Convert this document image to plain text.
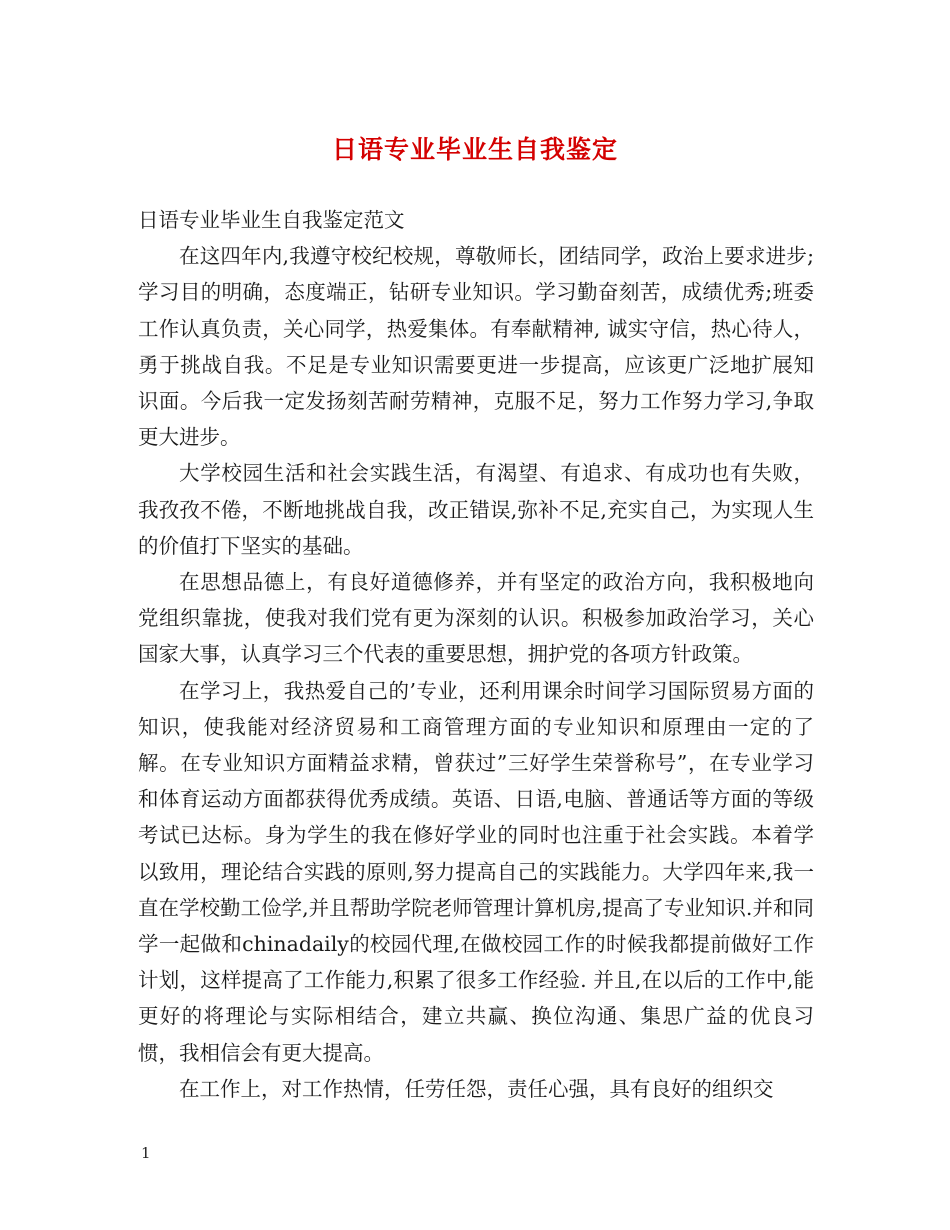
日语专业毕业生自我鉴定

日语专业毕业生自我鉴定范文

在这四年内,我遵守校纪校规，尊敬师长，团结同学，政治上要求进步;学习目的明确，态度端正，钻研专业知识。学习勤奋刻苦，成绩优秀;班委工作认真负责，关心同学，热爱集体。有奉献精神, 诚实守信，热心待人，勇于挑战自我。不足是专业知识需要更进一步提高，应该更广泛地扩展知识面。今后我一定发扬刻苦耐劳精神，克服不足，努力工作努力学习,争取更大进步。

大学校园生活和社会实践生活，有渴望、有追求、有成功也有失败，我孜孜不倦，不断地挑战自我，改正错误,弥补不足,充实自己，为实现人生的价值打下坚实的基础。

在思想品德上，有良好道德修养，并有坚定的政治方向，我积极地向党组织靠拢，使我对我们党有更为深刻的认识。积极参加政治学习，关心国家大事，认真学习三个代表的重要思想，拥护党的各项方针政策。

在学习上，我热爱自己的’专业，还利用课余时间学习国际贸易方面的知识，使我能对经济贸易和工商管理方面的专业知识和原理由一定的了解。在专业知识方面精益求精，曾获过”三好学生荣誉称号”，在专业学习和体育运动方面都获得优秀成绩。英语、日语,电脑、普通话等方面的等级考试已达标。身为学生的我在修好学业的同时也注重于社会实践。本着学以致用，理论结合实践的原则,努力提高自己的实践能力。大学四年来,我一直在学校勤工俭学,并且帮助学院老师管理计算机房,提高了专业知识.并和同学一起做和chinadaily的校园代理,在做校园工作的时候我都提前做好工作计划，这样提高了工作能力,积累了很多工作经验. 并且,在以后的工作中,能更好的将理论与实际相结合，建立共赢、换位沟通、集思广益的优良习惯，我相信会有更大提高。

在工作上，对工作热情，任劳任怨，责任心强，具有良好的组织交

1
